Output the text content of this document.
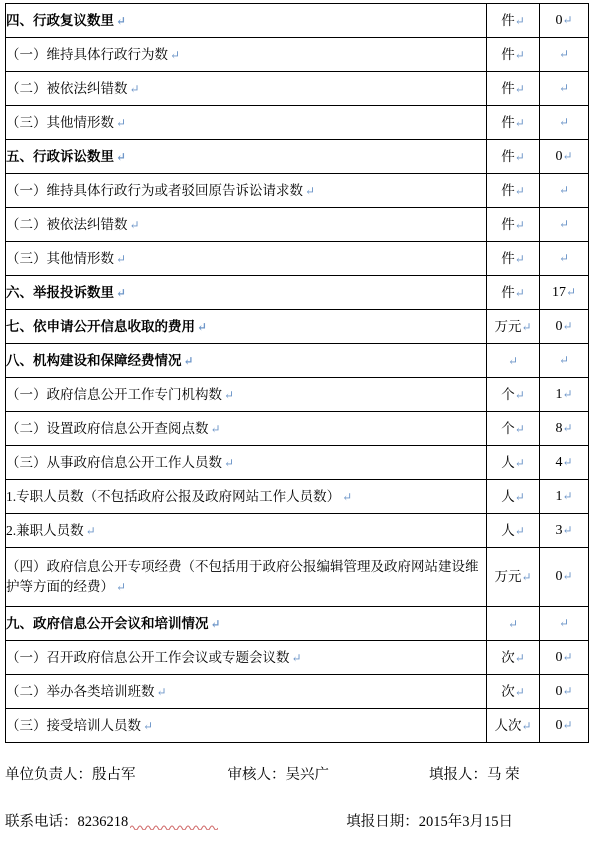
四、行政复议数里 ↵	件↵	0↵
（一）维持具体行政行为数 ↵	件↵	↵
（二）被依法纠错数 ↵	件↵	↵
（三）其他情形数 ↵	件↵	↵
五、行政诉讼数里 ↵	件↵	0↵
（一）维持具体行政行为或者驳回原告诉讼请求数 ↵	件↵	↵
（二）被依法纠错数 ↵	件↵	↵
（三）其他情形数 ↵	件↵	↵
六、举报投诉数里 ↵	件↵	17↵
七、依申请公开信息收取的费用 ↵	万元↵	0↵
八、机构建设和保障经费情况 ↵	↵	↵
（一）政府信息公开工作专门机构数 ↵	个↵	1↵
（二）设置政府信息公开查阅点数 ↵	个↵	8↵
（三）从事政府信息公开工作人员数 ↵	人↵	4↵
1.专职人员数（不包括政府公报及政府网站工作人员数） ↵	人↵	1↵
2.兼职人员数 ↵	人↵	3↵
（四）政府信息公开专项经费（不包括用于政府公报编辑管理及政府网站建设维护等方面的经费） ↵	万元↵	0↵
九、政府信息公开会议和培训情况 ↵	↵	↵
（一）召开政府信息公开工作会议或专题会议数 ↵	次↵	0↵
（二）举办各类培训班数 ↵	次↵	0↵
（三）接受培训人员数 ↵	人次↵	0↵
单位负责人： 殷占军	审核人： 吴兴广	填报人： 马 荣
联系电话： 8236218	填报日期： 2015年3月15日
